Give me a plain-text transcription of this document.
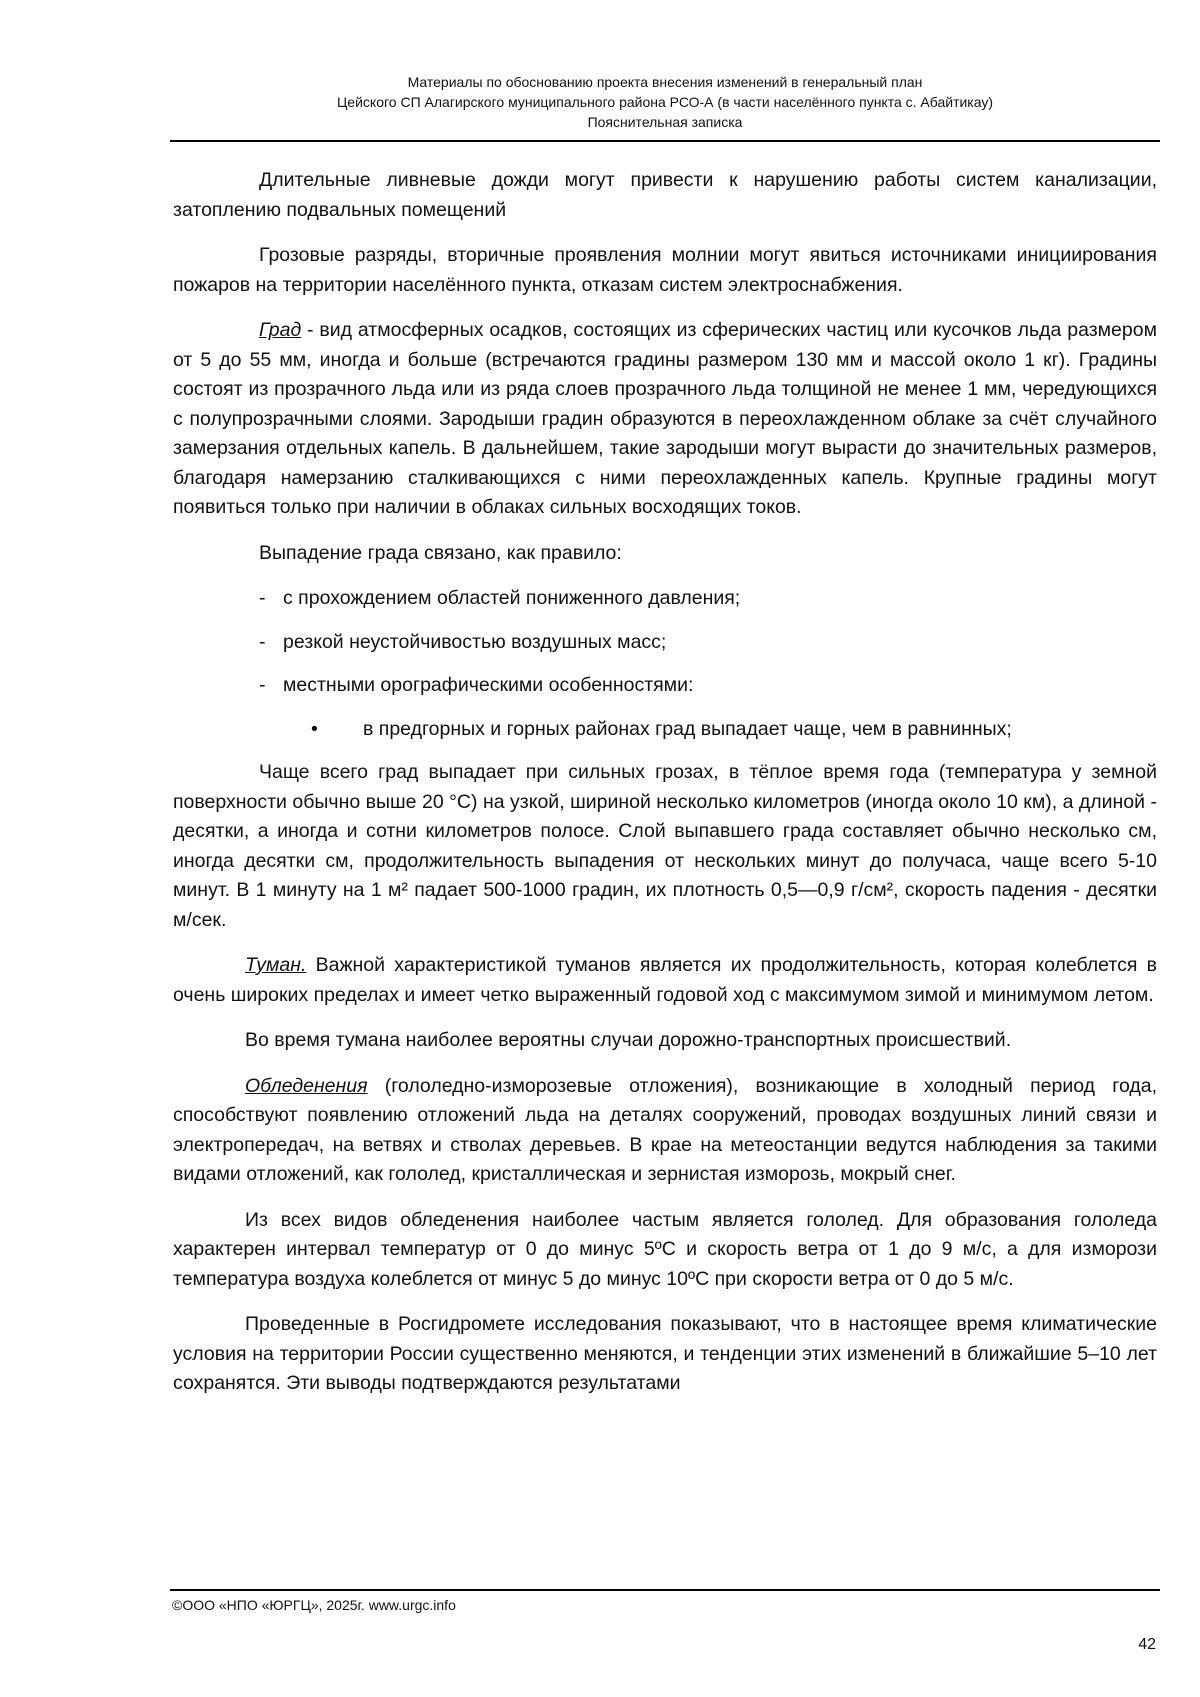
Материалы по обоснованию проекта внесения изменений в генеральный план
Цейского СП Алагирского муниципального района РСО-А (в части населённого пункта с. Абайтикау)
Пояснительная записка

Длительные ливневые дожди могут привести к нарушению работы систем канализации, затоплению подвальных помещений

Грозовые разряды, вторичные проявления молнии могут явиться источниками инициирования пожаров на территории населённого пункта, отказам систем электроснабжения.

Град - вид атмосферных осадков, состоящих из сферических частиц или кусочков льда размером от 5 до 55 мм, иногда и больше (встречаются градины размером 130 мм и массой около 1 кг). Градины состоят из прозрачного льда или из ряда слоев прозрачного льда толщиной не менее 1 мм, чередующихся с полупрозрачными слоями. Зародыши градин образуются в переохлажденном облаке за счёт случайного замерзания отдельных капель. В дальнейшем, такие зародыши могут вырасти до значительных размеров, благодаря намерзанию сталкивающихся с ними переохлажденных капель. Крупные градины могут появиться только при наличии в облаках сильных восходящих токов.

Выпадение града связано, как правило:

- с прохождением областей пониженного давления;
- резкой неустойчивостью воздушных масс;
- местными орографическими особенностями:
• в предгорных и горных районах град выпадает чаще, чем в равнинных;

Чаще всего град выпадает при сильных грозах, в тёплое время года (температура у земной поверхности обычно выше 20 °C) на узкой, шириной несколько километров (иногда около 10 км), а длиной - десятки, а иногда и сотни километров полосе. Слой выпавшего града составляет обычно несколько см, иногда десятки см, продолжительность выпадения от нескольких минут до получаса, чаще всего 5-10 минут. В 1 минуту на 1 м² падает 500-1000 градин, их плотность 0,5—0,9 г/см², скорость падения - десятки м/сек.

Туман. Важной характеристикой туманов является их продолжительность, которая колеблется в очень широких пределах и имеет четко выраженный годовой ход с максимумом зимой и минимумом летом.

Во время тумана наиболее вероятны случаи дорожно-транспортных происшествий.

Обледенения (гололедно-изморозевые отложения), возникающие в холодный период года, способствуют появлению отложений льда на деталях сооружений, проводах воздушных линий связи и электропередач, на ветвях и стволах деревьев. В крае на метеостанции ведутся наблюдения за такими видами отложений, как гололед, кристаллическая и зернистая изморозь, мокрый снег.

Из всех видов обледенения наиболее частым является гололед. Для образования гололеда характерен интервал температур от 0 до минус 5ºС и скорость ветра от 1 до 9 м/с, а для изморози температура воздуха колеблется от минус 5 до минус 10ºС при скорости ветра от 0 до 5 м/с.

Проведенные в Росгидромете исследования показывают, что в настоящее время климатические условия на территории России существенно меняются, и тенденции этих изменений в ближайшие 5–10 лет сохранятся. Эти выводы подтверждаются результатами

©ООО «НПО «ЮРГЦ», 2025г. www.urgc.info
42
